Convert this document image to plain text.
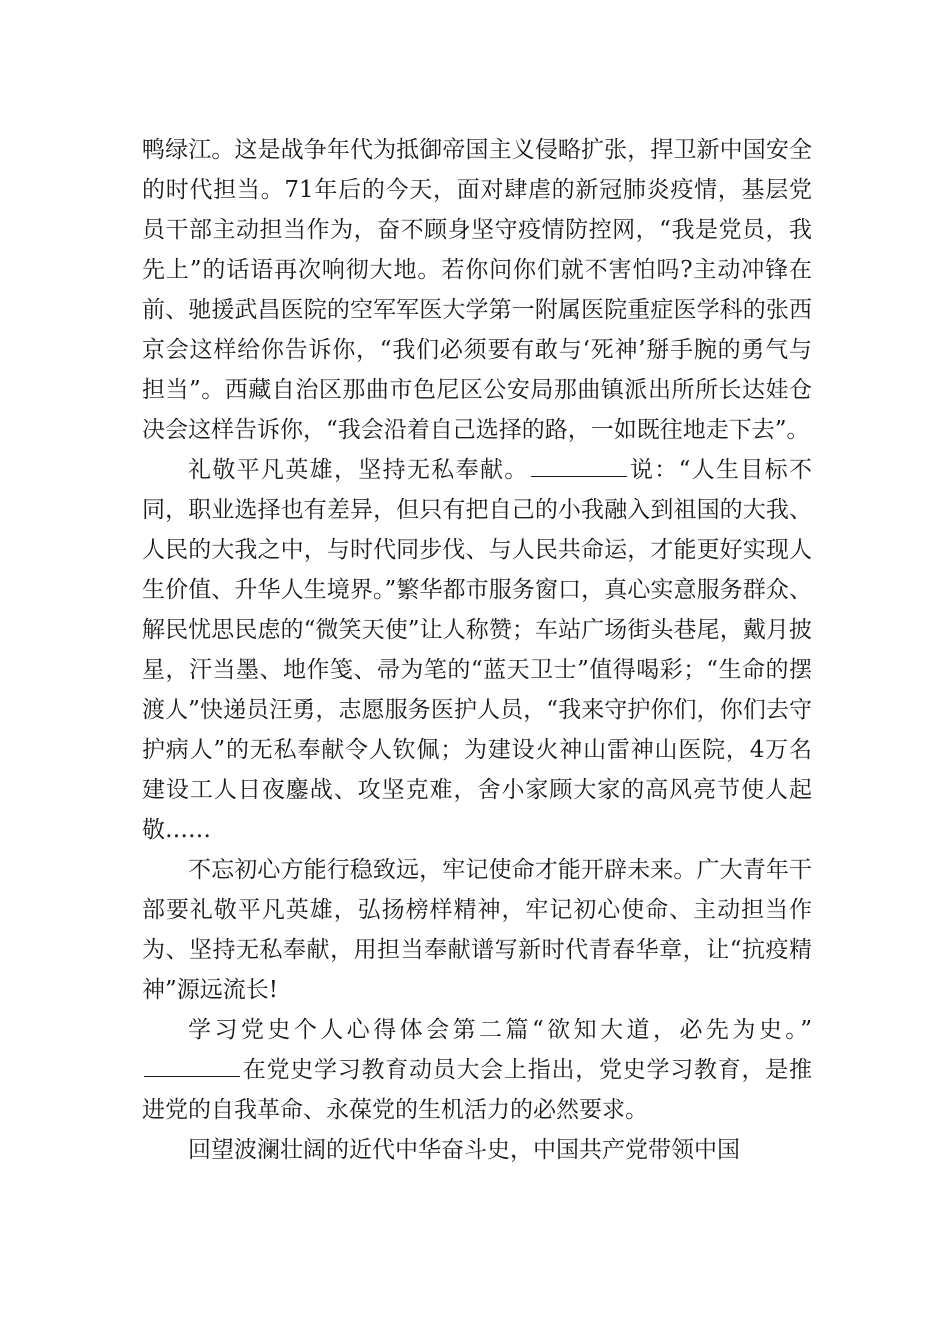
鸭绿江。这是战争年代为抵御帝国主义侵略扩张，捍卫新中国安全的时代担当。71年后的今天，面对肆虐的新冠肺炎疫情，基层党员干部主动担当作为，奋不顾身坚守疫情防控网，“我是党员，我先上”的话语再次响彻大地。若你问你们就不害怕吗?主动冲锋在前、驰援武昌医院的空军军医大学第一附属医院重症医学科的张西京会这样给你告诉你，“我们必须要有敢与‘死神’掰手腕的勇气与担当”。西藏自治区那曲市色尼区公安局那曲镇派出所所长达娃仓决会这样告诉你，“我会沿着自己选择的路，一如既往地走下去”。

礼敬平凡英雄，坚持无私奉献。	说：“人生目标不同，职业选择也有差异，但只有把自己的小我融入到祖国的大我、人民的大我之中，与时代同步伐、与人民共命运，才能更好实现人生价值、升华人生境界。”繁华都市服务窗口，真心实意服务群众、解民忧思民虑的“微笑天使”让人称赞；车站广场街头巷尾，戴月披星，汗当墨、地作笺、帚为笔的“蓝天卫士”值得喝彩；“生命的摆渡人”快递员汪勇，志愿服务医护人员，“我来守护你们，你们去守护病人”的无私奉献令人钦佩；为建设火神山雷神山医院，4万名建设工人日夜鏖战、攻坚克难，舍小家顾大家的高风亮节使人起敬……

不忘初心方能行稳致远，牢记使命才能开辟未来。广大青年干部要礼敬平凡英雄，弘扬榜样精神，牢记初心使命、主动担当作为、坚持无私奉献，用担当奉献谱写新时代青春华章，让“抗疫精神”源远流长!

学习党史个人心得体会第二篇“欲知大道，必先为史。”在党史学习教育动员大会上指出，党史学习教育，是推进党的自我革命、永葆党的生机活力的必然要求。

回望波澜壮阔的近代中华奋斗史，中国共产党带领中国
